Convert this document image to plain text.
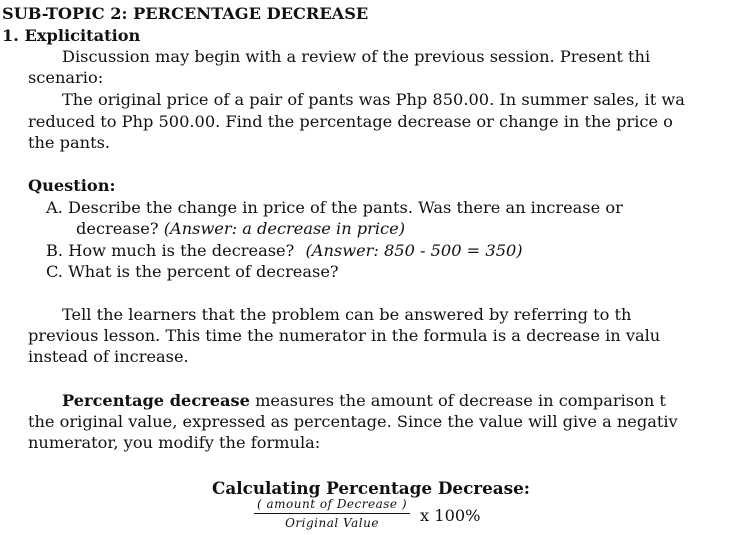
SUB-TOPIC 2: PERCENTAGE DECREASE
1. Explicitation
Discussion may begin with a review of the previous session. Present thi
scenario:
The original price of a pair of pants was Php 850.00. In summer sales, it wa
reduced to Php 500.00. Find the percentage decrease or change in the price o
the pants.
Question:
A. Describe the change in price of the pants. Was there an increase or
decrease? (Answer: a decrease in price)
B. How much is the decrease? (Answer: 850 - 500 = 350)
C. What is the percent of decrease?
Tell the learners that the problem can be answered by referring to th
previous lesson. This time the numerator in the formula is a decrease in valu
instead of increase.
Percentage decrease measures the amount of decrease in comparison t
the original value, expressed as percentage. Since the value will give a negativ
numerator, you modify the formula:
Calculating Percentage Decrease:
( amount of Decrease )
Original Value	x 100%
